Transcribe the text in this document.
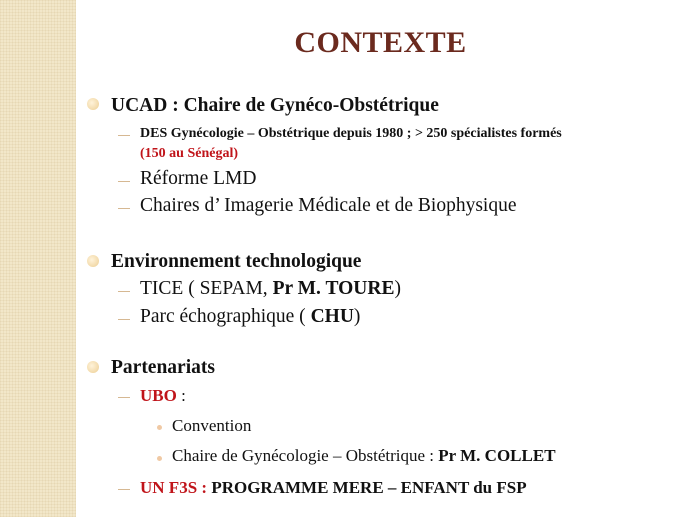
CONTEXTE
UCAD : Chaire de Gynéco-Obstétrique
DES Gynécologie – Obstétrique depuis 1980 ; > 250 spécialistes formés
(150 au Sénégal)
Réforme LMD
Chaires d’ Imagerie Médicale et de Biophysique
Environnement technologique
TICE ( SEPAM, Pr M. TOURE)
Parc échographique ( CHU)
Partenariats
UBO :
Convention
Chaire de Gynécologie – Obstétrique : Pr M. COLLET
UN F3S : PROGRAMME MERE – ENFANT du FSP
